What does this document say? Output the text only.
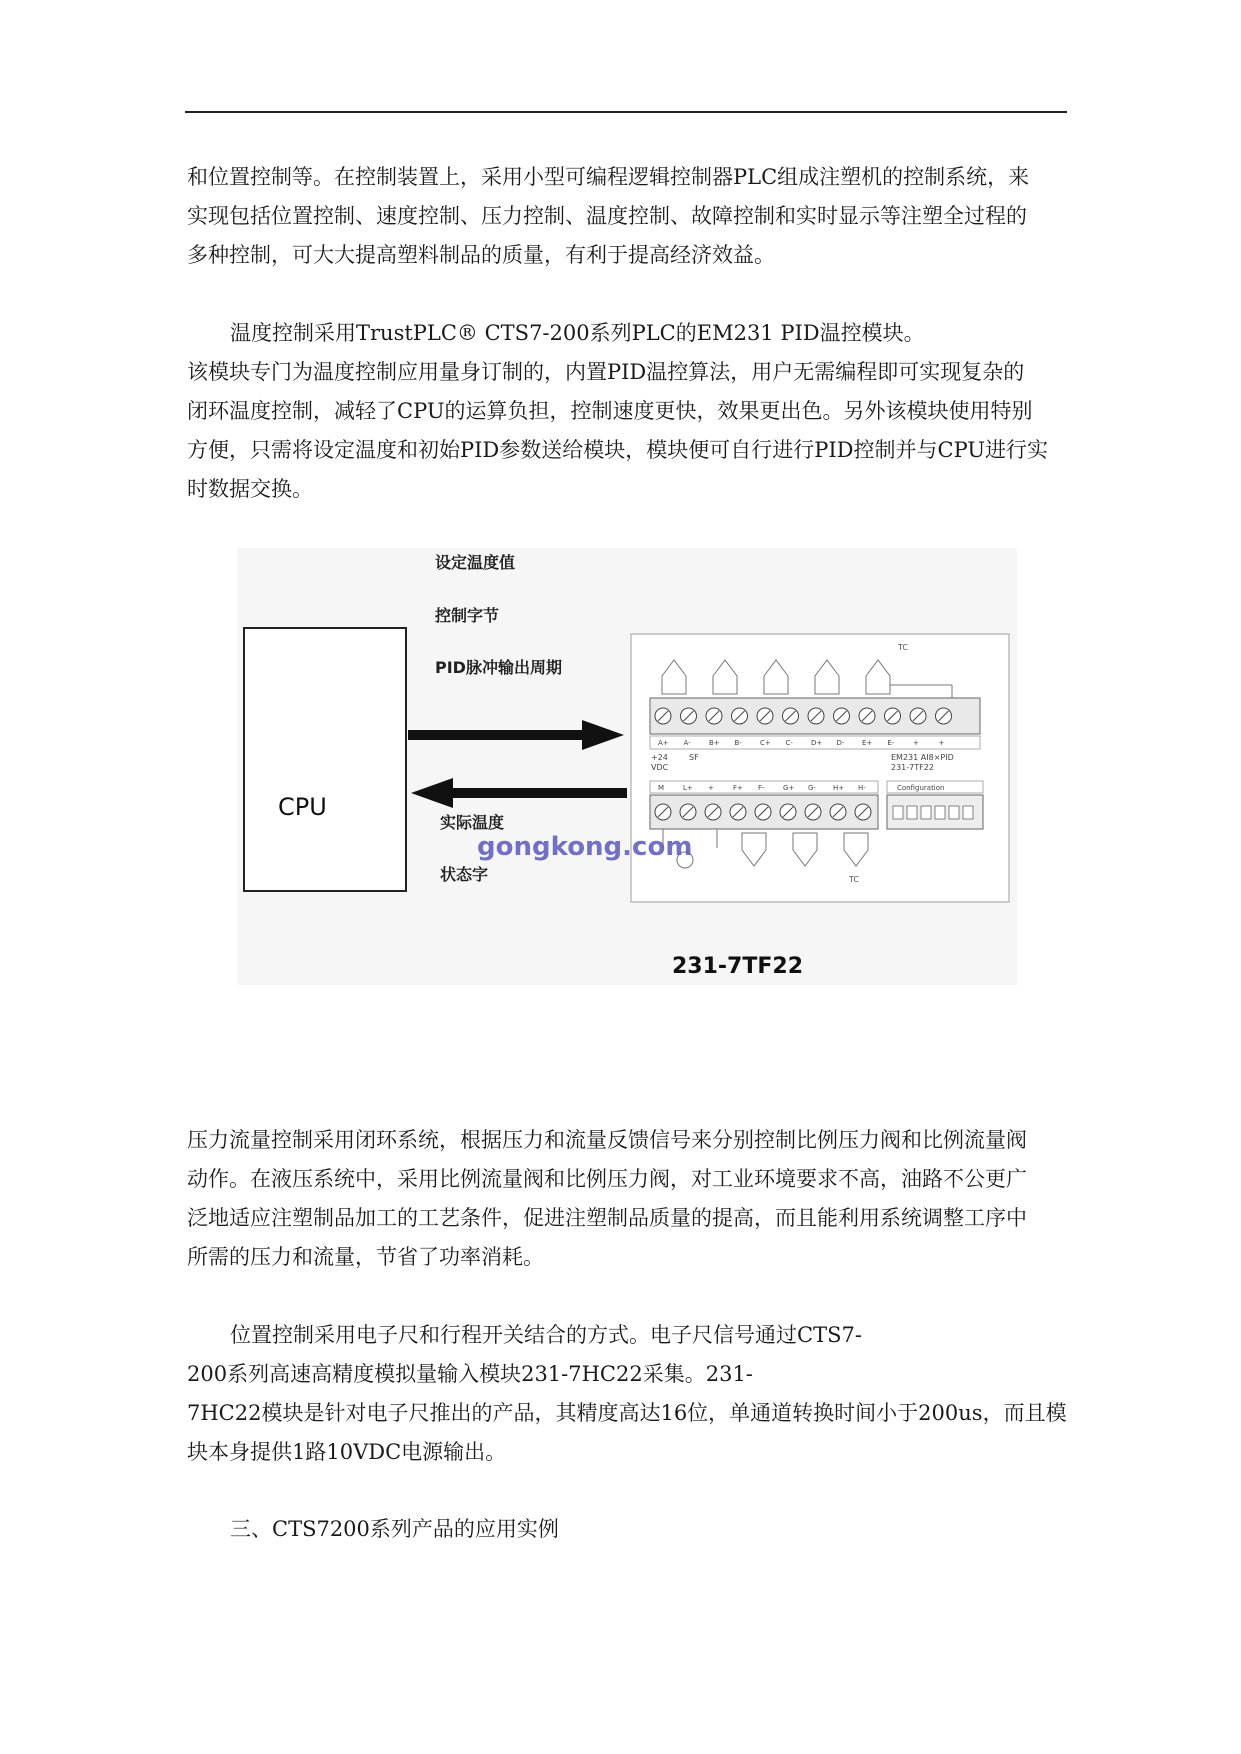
和位置控制等。在控制装置上，采用小型可编程逻辑控制器PLC组成注塑机的控制系统，来

实现包括位置控制、速度控制、压力控制、温度控制、故障控制和实时显示等注塑全过程的

多种控制，可大大提高塑料制品的质量，有利于提高经济效益。

温度控制采用TrustPLC® CTS7-200系列PLC的EM231 PID温控模块。

该模块专门为温度控制应用量身订制的，内置PID温控算法，用户无需编程即可实现复杂的

闭环温度控制，减轻了CPU的运算负担，控制速度更快，效果更出色。另外该模块使用特别

方便，只需将设定温度和初始PID参数送给模块，模块便可自行进行PID控制并与CPU进行实

时数据交换。

CPU
设定温度值
控制字节
PID脉冲输出周期
实际温度
状态字
TC
A+ A-	B+ B-	C+ C-	D+ D-	E+ E-	+	+
+24
VDC
SF	EM231 AI8×PID
231-7TF22
M	L+ +	F+ F-	G+ G- H+ H-	Configuration
TC
gongkong.com
231-7TF22

压力流量控制采用闭环系统，根据压力和流量反馈信号来分别控制比例压力阀和比例流量阀

动作。在液压系统中，采用比例流量阀和比例压力阀，对工业环境要求不高，油路不公更广

泛地适应注塑制品加工的工艺条件，促进注塑制品质量的提高，而且能利用系统调整工序中

所需的压力和流量，节省了功率消耗。

位置控制采用电子尺和行程开关结合的方式。电子尺信号通过CTS7-

200系列高速高精度模拟量输入模块231-7HC22采集。231-

7HC22模块是针对电子尺推出的产品，其精度高达16位，单通道转换时间小于200us，而且模

块本身提供1路10VDC电源输出。

三、CTS7200系列产品的应用实例
